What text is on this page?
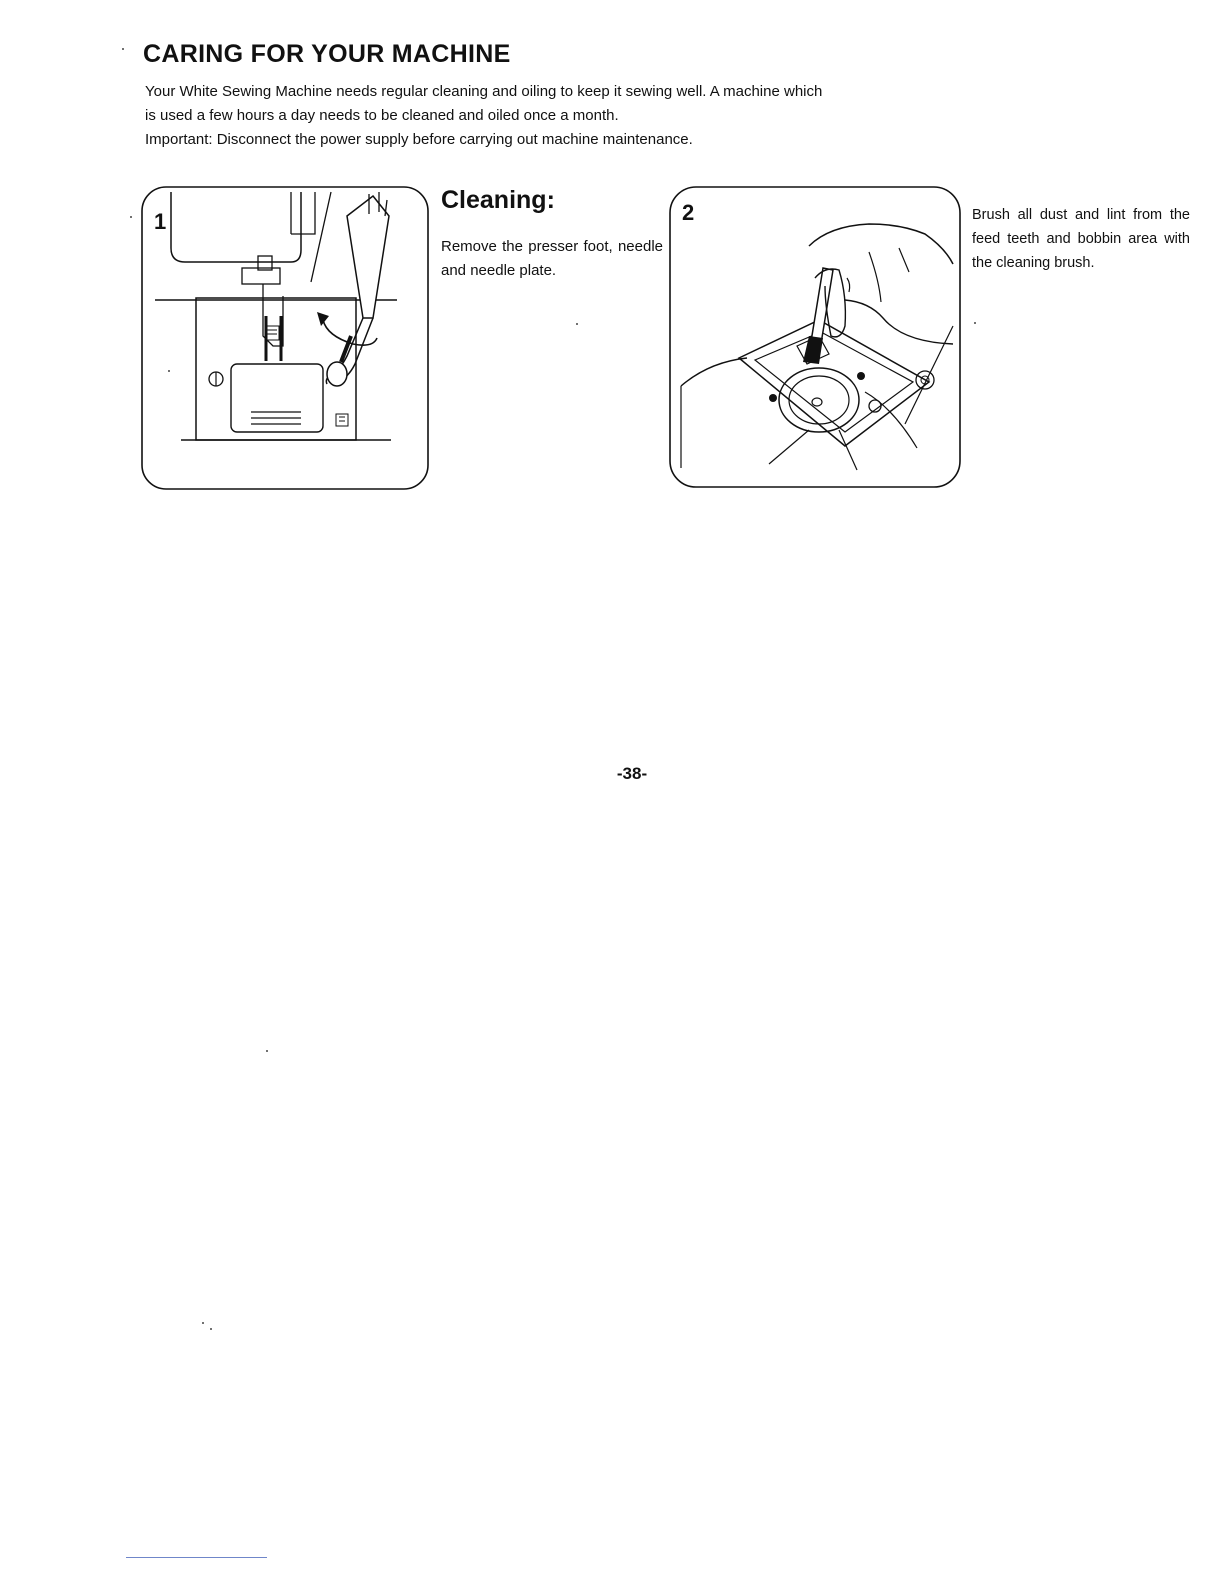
CARING FOR YOUR MACHINE

Your White Sewing Machine needs regular cleaning and oiling to keep it sewing well. A machine which

is used a few hours a day needs to be cleaned and oiled once a month.

Important: Disconnect the power supply before carrying out machine maintenance.

1
Cleaning:

Remove the presser foot, needle and needle plate.

2	Brush all dust and lint from the feed teeth and bobbin area with the cleaning brush.

-38-
